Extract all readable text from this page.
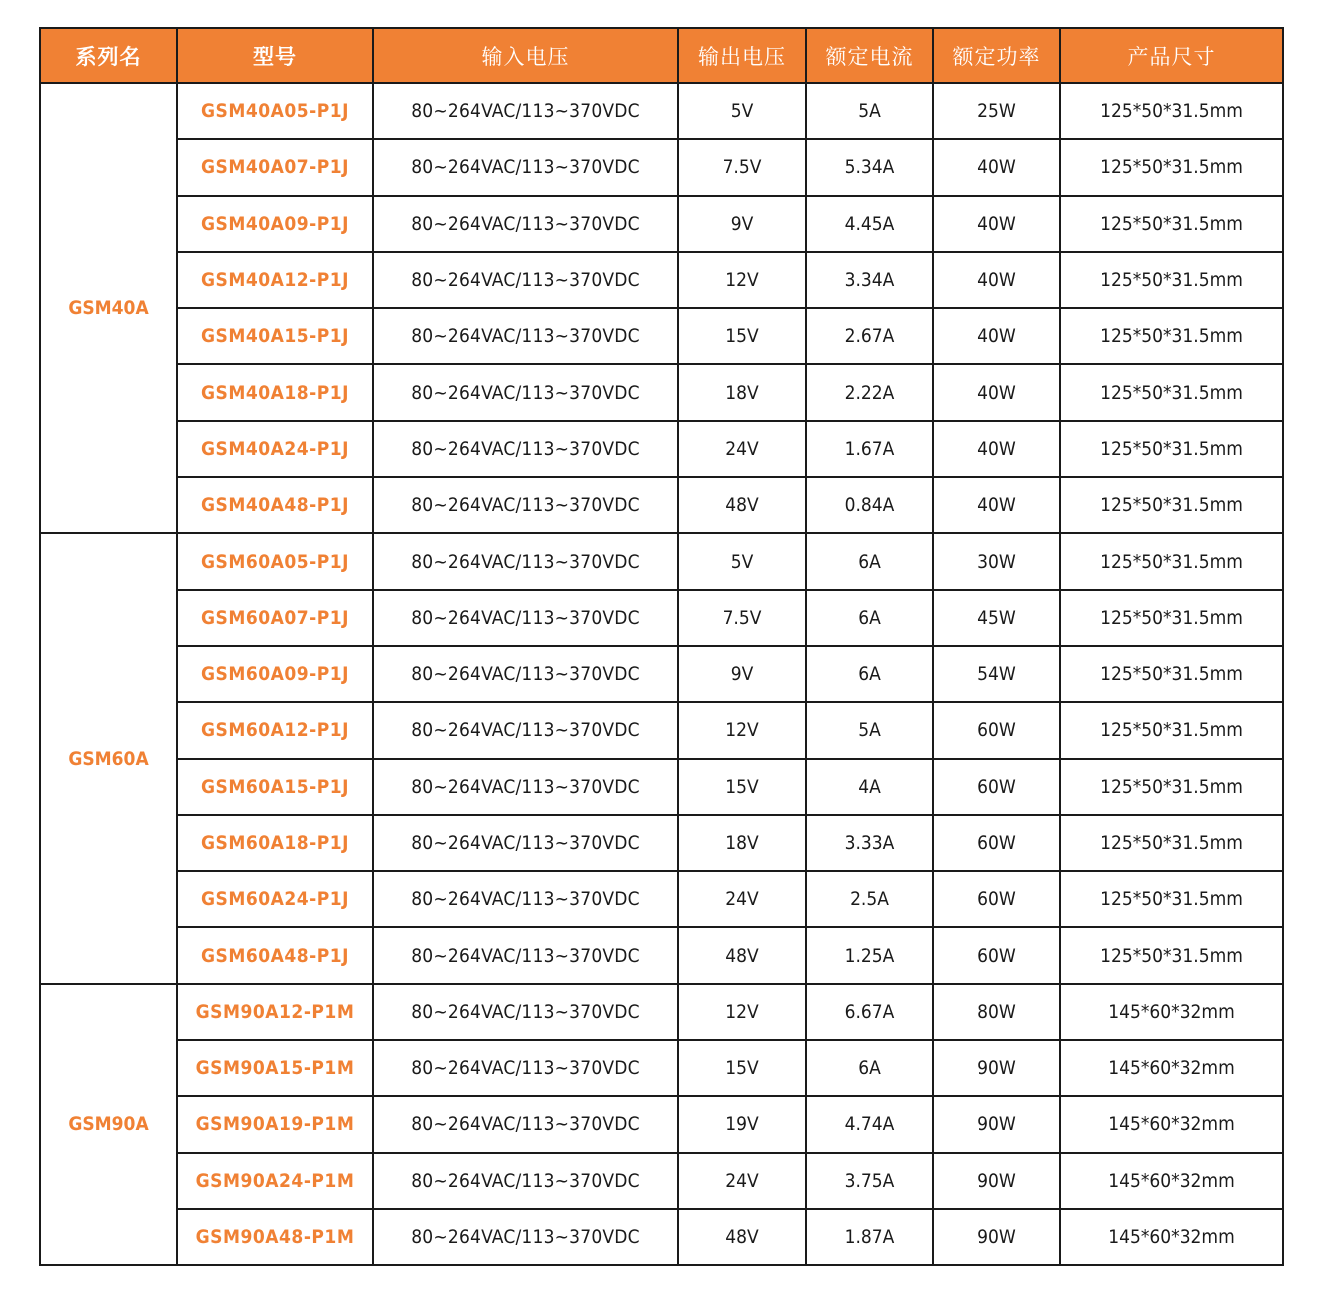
系列名	型号	输入电压	输出电压	额定电流	额定功率	产品尺寸
GSM40A	GSM40A05-P1J	80~264VAC/113~370VDC	5V	5A	25W	125*50*31.5mm
	GSM40A07-P1J	80~264VAC/113~370VDC	7.5V	5.34A	40W	125*50*31.5mm
	GSM40A09-P1J	80~264VAC/113~370VDC	9V	4.45A	40W	125*50*31.5mm
	GSM40A12-P1J	80~264VAC/113~370VDC	12V	3.34A	40W	125*50*31.5mm
	GSM40A15-P1J	80~264VAC/113~370VDC	15V	2.67A	40W	125*50*31.5mm
	GSM40A18-P1J	80~264VAC/113~370VDC	18V	2.22A	40W	125*50*31.5mm
	GSM40A24-P1J	80~264VAC/113~370VDC	24V	1.67A	40W	125*50*31.5mm
	GSM40A48-P1J	80~264VAC/113~370VDC	48V	0.84A	40W	125*50*31.5mm
GSM60A	GSM60A05-P1J	80~264VAC/113~370VDC	5V	6A	30W	125*50*31.5mm
	GSM60A07-P1J	80~264VAC/113~370VDC	7.5V	6A	45W	125*50*31.5mm
	GSM60A09-P1J	80~264VAC/113~370VDC	9V	6A	54W	125*50*31.5mm
	GSM60A12-P1J	80~264VAC/113~370VDC	12V	5A	60W	125*50*31.5mm
	GSM60A15-P1J	80~264VAC/113~370VDC	15V	4A	60W	125*50*31.5mm
	GSM60A18-P1J	80~264VAC/113~370VDC	18V	3.33A	60W	125*50*31.5mm
	GSM60A24-P1J	80~264VAC/113~370VDC	24V	2.5A	60W	125*50*31.5mm
	GSM60A48-P1J	80~264VAC/113~370VDC	48V	1.25A	60W	125*50*31.5mm
GSM90A	GSM90A12-P1M	80~264VAC/113~370VDC	12V	6.67A	80W	145*60*32mm
	GSM90A15-P1M	80~264VAC/113~370VDC	15V	6A	90W	145*60*32mm
	GSM90A19-P1M	80~264VAC/113~370VDC	19V	4.74A	90W	145*60*32mm
	GSM90A24-P1M	80~264VAC/113~370VDC	24V	3.75A	90W	145*60*32mm
	GSM90A48-P1M	80~264VAC/113~370VDC	48V	1.87A	90W	145*60*32mm
